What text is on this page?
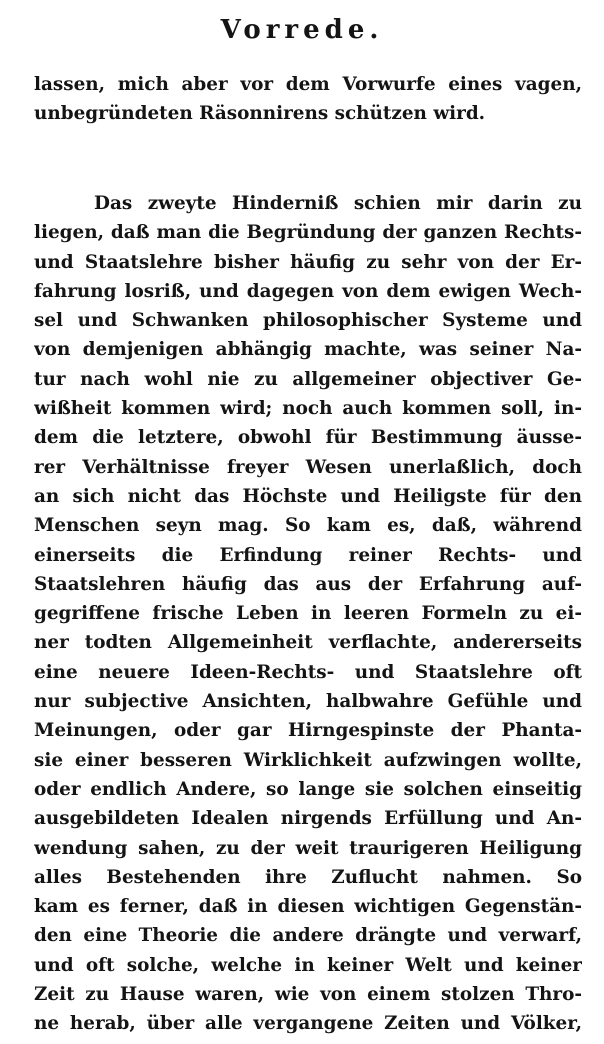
Vorrede.
lassen, mich aber vor dem Vorwurfe eines vagen,
unbegründeten Räsonnirens schützen wird.
Das zweyte Hinderniß schien mir darin zu
liegen, daß man die Begründung der ganzen Rechts-
und Staatslehre bisher häufig zu sehr von der Er-
fahrung losriß, und dagegen von dem ewigen Wech-
sel und Schwanken philosophischer Systeme und
von demjenigen abhängig machte, was seiner Na-
tur nach wohl nie zu allgemeiner objectiver Ge-
wißheit kommen wird; noch auch kommen soll, in-
dem die letztere, obwohl für Bestimmung äusse-
rer Verhältnisse freyer Wesen unerlaßlich, doch
an sich nicht das Höchste und Heiligste für den
Menschen seyn mag. So kam es, daß, während
einerseits die Erfindung reiner Rechts- und
Staatslehren häufig das aus der Erfahrung auf-
gegriffene frische Leben in leeren Formeln zu ei-
ner todten Allgemeinheit verflachte, andererseits
eine neuere Ideen-Rechts- und Staatslehre oft
nur subjective Ansichten, halbwahre Gefühle und
Meinungen, oder gar Hirngespinste der Phanta-
sie einer besseren Wirklichkeit aufzwingen wollte,
oder endlich Andere, so lange sie solchen einseitig
ausgebildeten Idealen nirgends Erfüllung und An-
wendung sahen, zu der weit traurigeren Heiligung
alles Bestehenden ihre Zuflucht nahmen. So
kam es ferner, daß in diesen wichtigen Gegenstän-
den eine Theorie die andere drängte und verwarf,
und oft solche, welche in keiner Welt und keiner
Zeit zu Hause waren, wie von einem stolzen Thro-
ne herab, über alle vergangene Zeiten und Völker,
